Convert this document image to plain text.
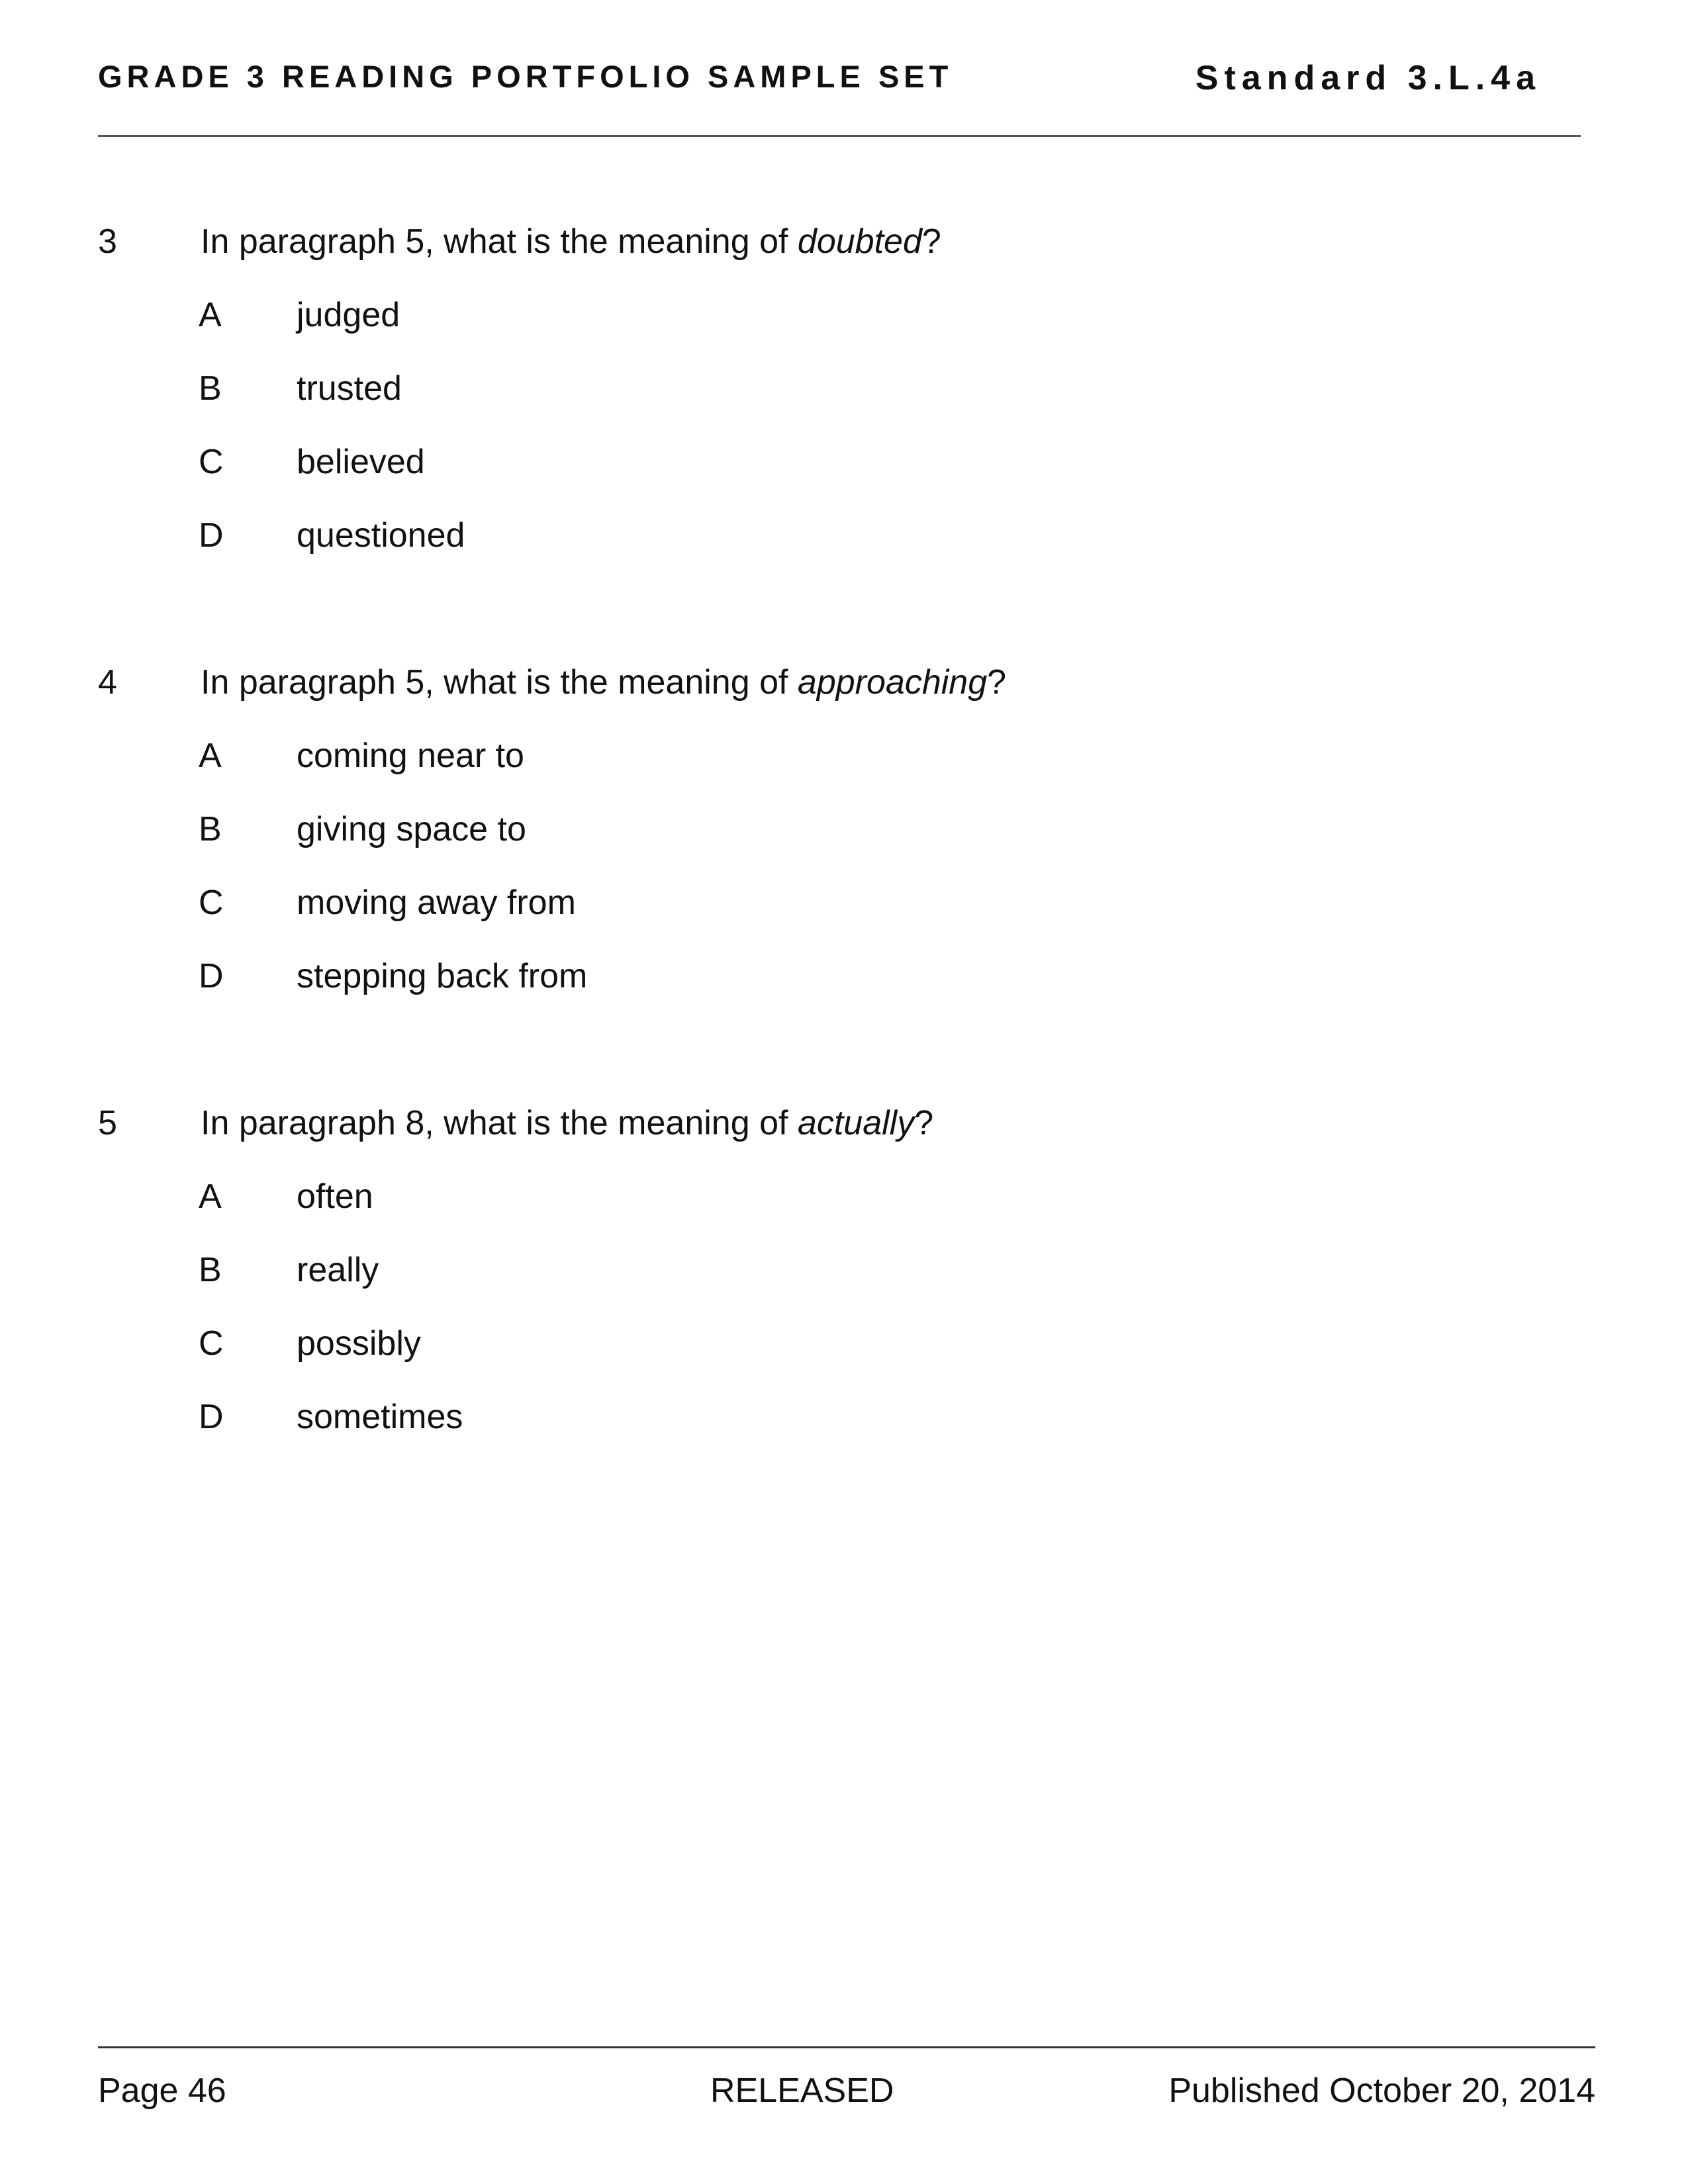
GRADE 3 READING PORTFOLIO SAMPLE SET	Standard 3.L.4a
3 In paragraph 5, what is the meaning of doubted?
A judged
B trusted
C believed
D questioned
4 In paragraph 5, what is the meaning of approaching?
A coming near to
B giving space to
C moving away from
D stepping back from
5 In paragraph 8, what is the meaning of actually?
A often
B really
C possibly
D sometimes
Page 46	RELEASED	Published October 20, 2014
